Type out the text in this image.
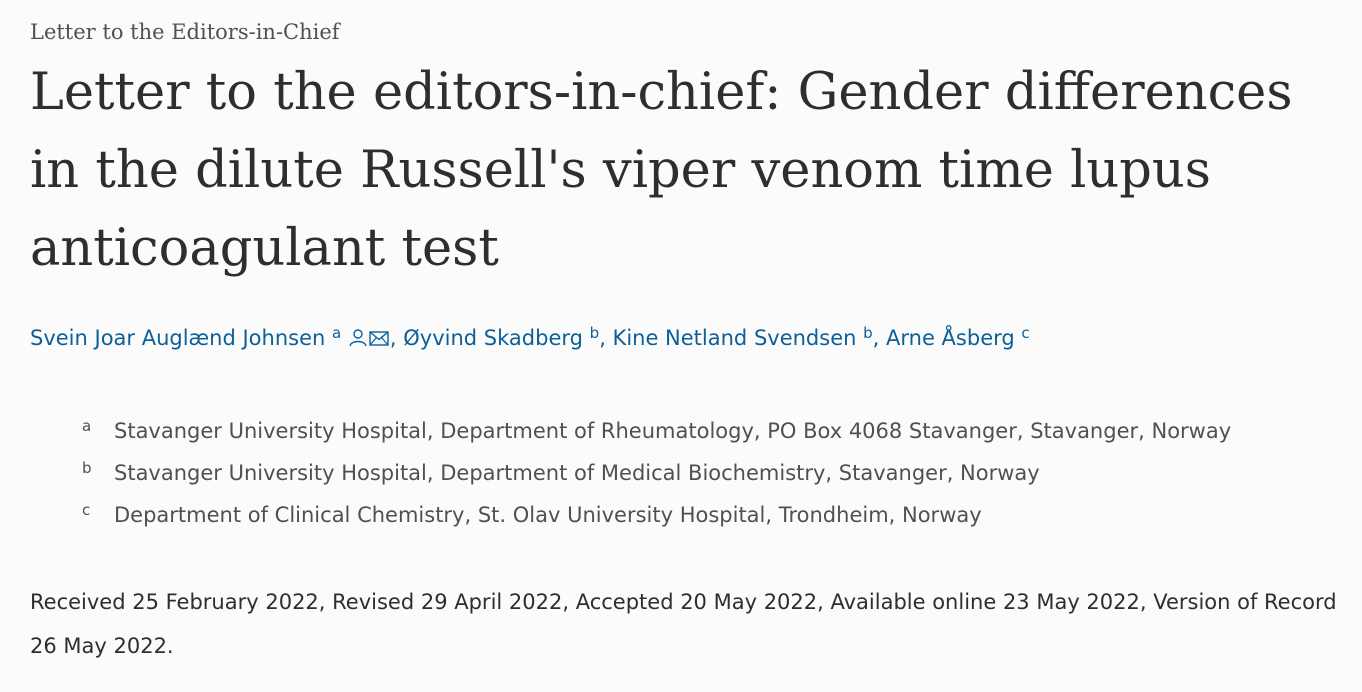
Letter to the Editors-in-Chief
Letter to the editors-in-chief: Gender differences in the dilute Russell's viper venom time lupus anticoagulant test
Svein Joar Auglænd Johnsen $^a$ , Øyvind Skadberg $^b$, Kine Netland Svendsen $^b$, Arne Åsberg $^c$
a Stavanger University Hospital, Department of Rheumatology, PO Box 4068 Stavanger, Stavanger, Norway
b Stavanger University Hospital, Department of Medical Biochemistry, Stavanger, Norway
c Department of Clinical Chemistry, St. Olav University Hospital, Trondheim, Norway
Received 25 February 2022, Revised 29 April 2022, Accepted 20 May 2022, Available online 23 May 2022, Version of Record 26 May 2022.
